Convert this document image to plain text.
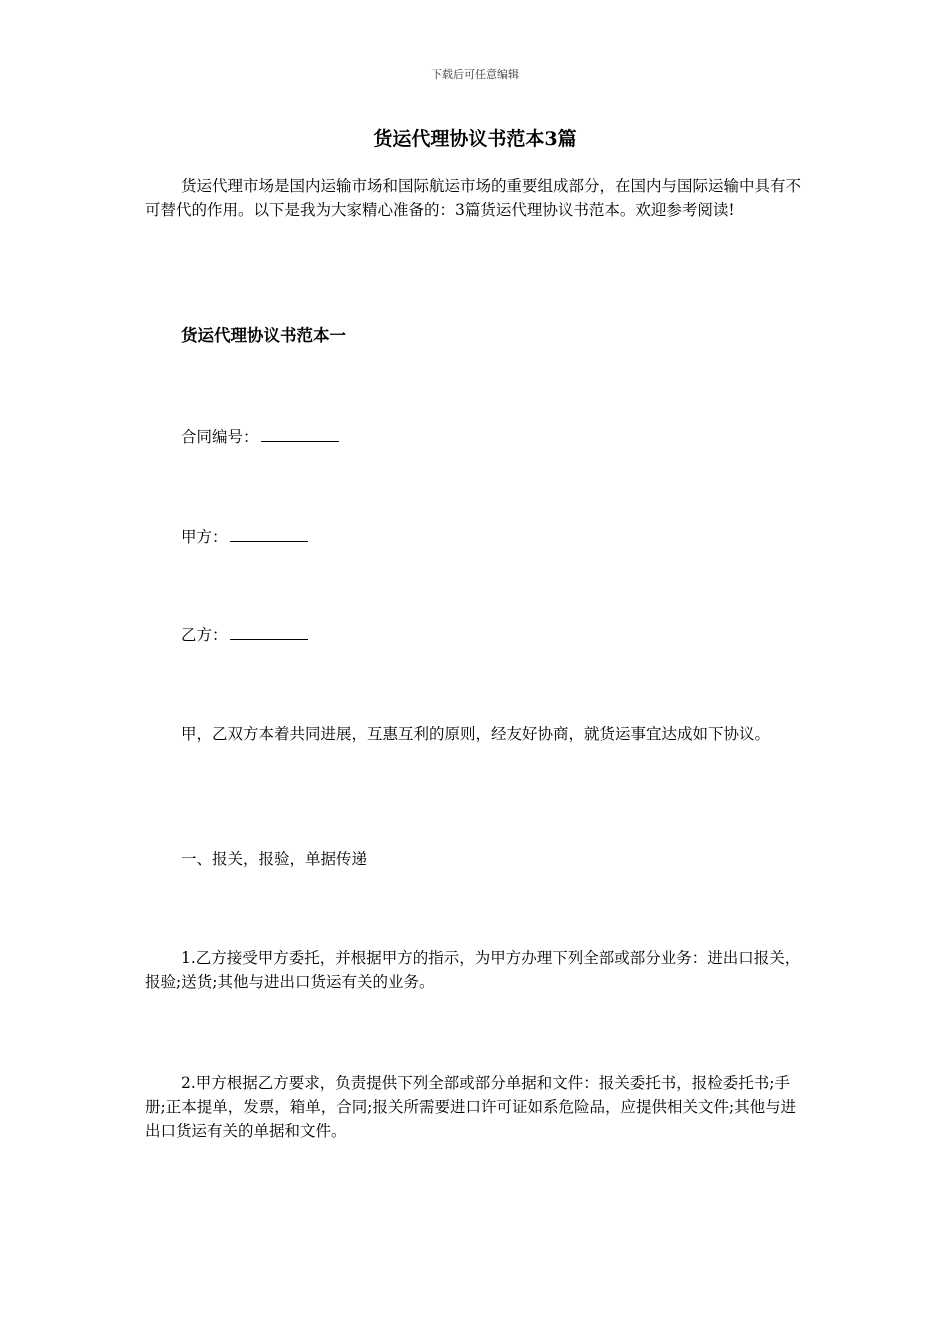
下载后可任意编辑
货运代理协议书范本3篇

货运代理市场是国内运输市场和国际航运市场的重要组成部分，在国内与国际运输中具有不可替代的作用。以下是我为大家精心准备的：3篇货运代理协议书范本。欢迎参考阅读!

货运代理协议书范本一

合同编号：

甲方：

乙方：

甲，乙双方本着共同进展，互惠互利的原则，经友好协商，就货运事宜达成如下协议。

一、报关，报验，单据传递

1.乙方接受甲方委托，并根据甲方的指示，为甲方办理下列全部或部分业务：进出口报关，报验;送货;其他与进出口货运有关的业务。

2.甲方根据乙方要求，负责提供下列全部或部分单据和文件：报关委托书，报检委托书;手册;正本提单，发票，箱单，合同;报关所需要进口许可证如系危险品，应提供相关文件;其他与进出口货运有关的单据和文件。
